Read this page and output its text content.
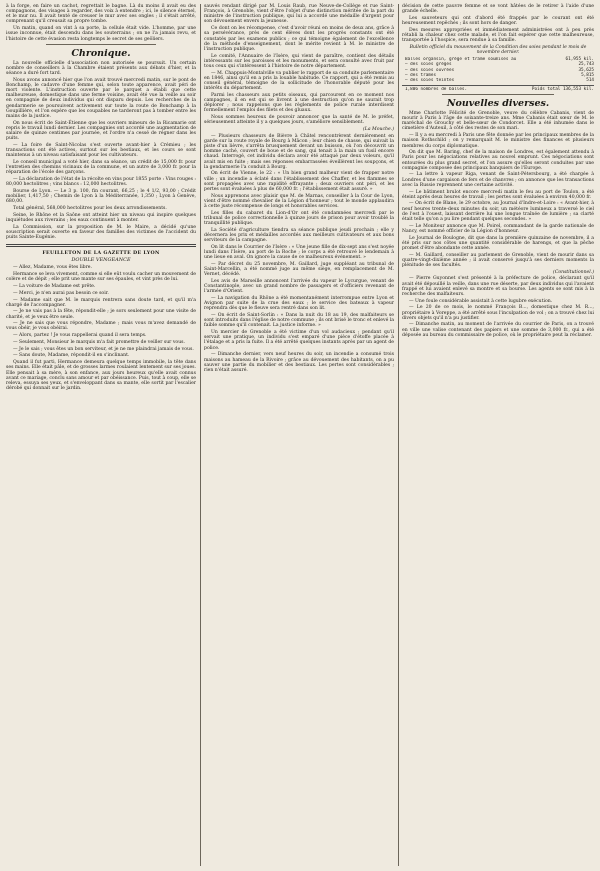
à la forge, en faire un cachot, regrettait le bagne. Là du moins il avait eu des compagnons, des visages à regarder, des voix à entendre ; ici, le silence éternel, et le mur nu. Il avait tenté de creuser le mur avec ses ongles ; il s'était arrêté, comprenant qu'il creusait sa propre tombe.

Un matin, quand on vint à sa porte, la cellule était vide. L'homme, par une issue inconnue, était descendu dans les souterrains ; on ne l'a jamais revu, et l'histoire de cette évasion resta longtemps le secret de ses geôliers.

Chronique.

La nouvelle officielle d'association non autorisée se poursuit. Un certain nombre de conseillers à la Chambre étaient présents aux débats d'hier, et la séance a duré fort tard.

Nous avons annoncé hier que l'on avait trouvé mercredi matin, sur le pont de Bonchamp, le cadavre d'une femme qui, selon toute apparence, avait péri de mort violente. L'instruction ouverte par le parquet a établi que cette malheureuse, domestique dans une ferme voisine, avait été vue la veille au soir en compagnie de deux individus qui ont disparu depuis. Les recherches de la gendarmerie se poursuivent activement sur toute la route de Bonchamp à la Goupillière, et l'on espère que les coupables ne tarderont pas à tomber entre les mains de la justice.

On nous écrit de Saint-Étienne que les ouvriers mineurs de la Ricamarie ont repris le travail lundi dernier. Les compagnies ont accordé une augmentation de salaire de quinze centimes par journée, et l'ordre n'a cessé de régner dans les puits.

— La foire de Saint-Nicolas s'est ouverte avant-hier à Crémieu ; les transactions ont été actives, surtout sur les bestiaux, et les cours se sont maintenus à un niveau satisfaisant pour les cultivateurs.

Le conseil municipal a voté hier, dans sa séance, un crédit de 15,000 fr. pour l'entretien des chemins vicinaux de la commune, et un autre de 3,000 fr. pour la réparation de l'école des garçons.

— La déclaration de l'état de la récolte en vins pour 1855 porte : Vins rouges : 80,000 hectolitres ; vins blancs : 12,000 hectolitres.

Bourse de Lyon. — Le 3 p. 100, fin courant, 66,25 ; le 4 1/2, 93,00 ; Crédit mobilier, 1,417,50 ; Chemin de Lyon à la Méditerranée, 1,350 ; Lyon à Genève, 680,00.

Total général, 568,000 hectolitres pour les deux arrondissements.

Seine, le Rhône et la Saône ont atteint hier un niveau qui inspire quelques inquiétudes aux riverains ; les eaux continuent à monter.

La Commission, sur la proposition de M. le Maire, a décidé qu'une souscription serait ouverte en faveur des familles des victimes de l'accident du puits Sainte-Eugénie.

FEUILLETON DE LA GAZETTE DE LYON
DOUBLE VENGEANCE

— Allez, Madame, vous êtes libre.

Hermance se leva vivement, comme si elle eût voulu cacher un mouvement de colère et de dépit ; elle prit une mante sur ses épaules, et vint près de lui.

— La voiture de Madame est prête.

— Merci, je n'en aurai pas besoin ce soir.

— Madame sait que M. le marquis rentrera sans doute tard, et qu'il m'a chargé de l'accompagner.

— Je ne vais pas à la fête, répondit-elle ; je sors seulement pour une visite de charité, et je veux être seule.

— Je ne sais que vous répondre, Madame ; mais vous m'avez demandé de vous obéir, je vous obéirai.

— Alors, partez ! Je vous rappellerai quand il sera temps.

— Seulement, Monsieur le marquis m'a fait promettre de veiller sur vous.

— Je le sais ; vous êtes un bon serviteur, et je ne me plaindrai jamais de vous.

— Sans doute, Madame, répondit-il en s'inclinant.

Quand il fut parti, Hermance demeura quelque temps immobile, la tête dans ses mains. Elle était pâle, et de grosses larmes roulaient lentement sur ses joues. Elle pensait à sa mère, à son enfance, aux jours heureux qu'elle avait connus avant ce mariage, conclu sans amour et par obéissance. Puis, tout à coup, elle se releva, essuya ses yeux, et s'enveloppant dans sa mante, elle sortit par l'escalier dérobé qui donnait sur le jardin.

sauvés rendant dirigé par M. Louis Raub, rue Neuve-de-Collège et rue Saint-François, à Grenoble, vient d'être l'objet d'une distinction méritée de la part du ministre de l'instruction publique, qui lui a accordé une médaille d'argent pour son dévouement envers la jeunesse.

Ce dont on les récompense, c'est d'avoir réuni en moins de deux ans, grâce à sa persévérance, près de cent élèves dont les progrès constants ont été constatés par les examens publics ; ce qui témoigne également de l'excellence de la méthode d'enseignement, dont le mérite revient à M. le ministre de l'instruction publique.

Le comité, l'Annuaire de l'Isère, qui vient de paraître, contient des détails intéressants sur les paroisses et les monuments, et sera consulté avec fruit par tous ceux qui s'intéressent à l'histoire de notre département.

— M. Chappuis-Montalville va publier le rapport de sa conduite parlementaire en 1846, ainsi qu'il en a pris la louable habitude. Ce rapport, qui a été remis au conseil général, témoigne de la sollicitude de l'honorable député pour les intérêts du département.

Parmi les chasseurs aux petits oiseaux, qui parcourent en ce moment nos campagnes, il en est qui se livrent à une destruction qu'on ne saurait trop déplorer ; nous rappelons que les règlements de police rurale interdisent formellement l'emploi des filets et des gluaux.

Nous sommes heureux de pouvoir annoncer que la santé de M. le préfet, sérieusement atteinte il y a quelques jours, s'améliore sensiblement.

(La Mouche.)

— Plusieurs chasseurs de Bièvre à Châtel rencontrèrent dernièrement en garde sur la route royale de Bourg à Mâcon ; leur chien de chasse, qui suivait la piste d'un lièvre, s'arrêta brusquement devant un buisson, où l'on découvrit un homme caché, couvert de boue et de sang, qui tenait à la main un fusil encore chaud. Interrogé, cet individu déclara avoir été attaqué par deux voleurs, qu'il avait mis en fuite ; mais ses réponses embarrassées éveillèrent les soupçons, et la gendarmerie l'a conduit à Bourg.

On écrit de Vienne, le 22 : « Un bien grand malheur vient de frapper notre ville ; un incendie a éclaté dans l'établissement des Chaffer, et les flammes se sont propagées avec une rapidité effrayante ; deux ouvriers ont péri, et les pertes sont évaluées à plus de 60,000 fr. ; l'établissement était assuré. »

Nous apprenons avec plaisir que M. de Marnas, conseiller à la Cour de Lyon, vient d'être nommé chevalier de la Légion d'honneur ; tout le monde applaudira à cette juste récompense de longs et honorables services.

Les filles du cabaret du Lion-d'Or ont été condamnées mercredi par le tribunal de police correctionnelle à quinze jours de prison pour avoir troublé la tranquillité publique.

La Société d'agriculture tiendra sa séance publique jeudi prochain ; elle y décernera les prix et médailles accordés aux meilleurs cultivateurs et aux bons serviteurs de la campagne.

On lit dans le Courrier de l'Isère : « Une jeune fille de dix-sept ans s'est noyée lundi dans l'Isère, au port de la Roche ; le corps a été retrouvé le lendemain à une lieue en aval. On ignore la cause de ce malheureux événement. »

— Par décret du 25 novembre, M. Gaillard, juge suppléant au tribunal de Saint-Marcellin, a été nommé juge au même siège, en remplacement de M. Vernet, décédé.

Les avis de Marseille annoncent l'arrivée du vapeur le Lycurgue, venant de Constantinople, avec un grand nombre de passagers et d'officiers revenant de l'armée d'Orient.

— La navigation du Rhône a été momentanément interrompue entre Lyon et Avignon par suite de la crue des eaux ; le service des bateaux à vapeur reprendra dès que le fleuve sera rentré dans son lit.

— On écrit de Saint-Sorlin : « Dans la nuit du 18 au 19, des malfaiteurs se sont introduits dans l'église de notre commune ; ils ont brisé le tronc et enlevé la faible somme qu'il contenait. La justice informe. »

Un mercier de Grenoble a été victime d'un vol audacieux ; pendant qu'il servait une pratique, un individu s'est emparé d'une pièce d'étoffe placée à l'étalage et a pris la fuite. Il a été arrêté quelques instants après par un agent de police.

— Dimanche dernier, vers neuf heures du soir, un incendie a consumé trois maisons au hameau de la Rivoire ; grâce au dévouement des habitants, on a pu sauver une partie du mobilier et des bestiaux. Les pertes sont considérables ; rien n'était assuré.

décision de cette pauvre femme et se vont hâtées de le retirer à l'aide d'une grande échelle.

Les sauveteurs qui ont d'abord été frappés par le courant ont été heureusement repêchés ; ils sont hors de danger.

Des mesures appropriées et immédiatement administrées ont à peu près rétabli la chaleur chez cette malade, et l'on fait espérer que cette malheureuse, transportée à l'hospice, sera rendue à sa famille.

Bulletin officiel du mouvement de la Condition des soies pendant le mois de novembre dernier.

Balles organsin, grège et trame soumises au	61,955 kil.
— des soies grèges	25,743
— des soies ouvrées	35,625
— des trames	5,815
— des soies teintes	514
1,806 nombres de balles.	Poids total 136,553 kil.
Nouvelles diverses.

Mme Charlotte Félicité de Grenoble, veuve du célèbre Cabanis, vient de mourir à Paris à l'âge de soixante-treize ans. Mme Cabanis était sœur de M. le maréchal de Grouchy et belle-sœur de Condorcet. Elle a été inhumée dans le cimetière d'Auteuil, à côté des restes de son mari.

— Il y a eu mercredi à Paris une fête donnée par les principaux membres de la maison Rothschild ; on y remarquait M. le ministre des finances et plusieurs membres du corps diplomatique.

On dit que M. Baring, chef de la maison de Londres, est également attendu à Paris pour les négociations relatives au nouvel emprunt. Ces négociations sont entourées du plus grand secret, et l'on assure qu'elles seront conduites par une compagnie composée des principaux banquiers de l'Europe.

— La lettre à vapeur Riga, venant de Saint-Pétersbourg, a été chargée à Londres d'une cargaison de fers et de chanvres ; on annonce que les transactions avec la Russie reprennent une certaine activité.

— Le bâtiment brulot encore mercredi matin le feu au port de Toulon, a été éteint après deux heures de travail ; les pertes sont évaluées à environ 40,000 fr.

— On écrit de Blane, le 29 octobre, au Journal d'Indre-et-Loire : « Avant-hier, à neuf heures trente-deux minutes du soir, un météore lumineux a traversé le ciel de l'est à l'ouest, laissant derrière lui une longue traînée de lumière ; sa clarté était telle qu'on a pu lire pendant quelques secondes. »

— Le Moniteur annonce que M. Poirel, commandant de la garde nationale de Nancy, est nommé officier de la Légion d'honneur.

Le Journal de Boulogne, dit que dans la première quinzaine de novembre, il a été pris sur nos côtes une quantité considérable de harengs, et que la pêche promet d'être abondante cette année.

— M. Gaillard, conseiller au parlement de Grenoble, vient de mourir dans sa quatre-vingt-dixième année ; il avait conservé jusqu'à ses derniers moments la plénitude de ses facultés.

(Constitutionnel.)

— Pierre Guyonnet s'est présenté à la préfecture de police, déclarant qu'il avait été dépouillé la veille, dans une rue déserte, par deux individus qui l'avaient frappé et lui avaient enlevé sa montre et sa bourse. Les agents se sont mis à la recherche des malfaiteurs.

— Une foule considérable assistait à cette lugubre exécution.

— Le 20 de ce mois, le nommé François B..., domestique chez M. R..., propriétaire à Voreppe, a été arrêté sous l'inculpation de vol ; on a trouvé chez lui divers objets qu'il n'a pu justifier.

— Dimanche matin, au moment de l'arrivée du courrier de Paris, on a trouvé en ville une valise contenant des papiers et une somme de 3,000 fr., qui a été déposée au bureau du commissaire de police, où le propriétaire peut la réclamer.
